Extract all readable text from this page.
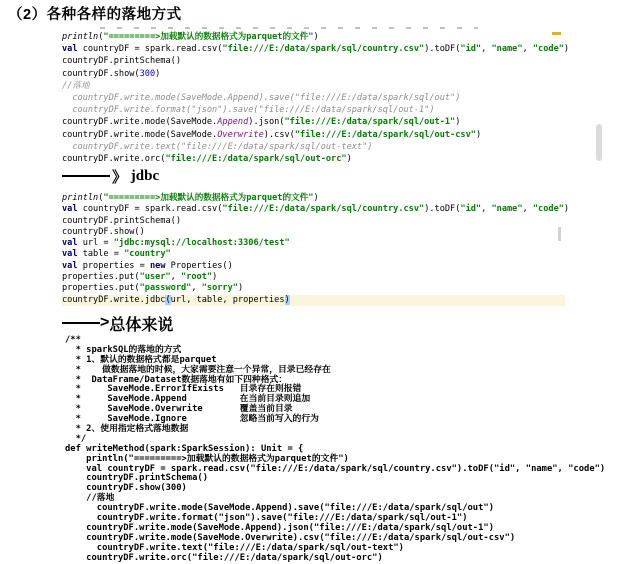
（2）各种各样的落地方式
println("=========>加载默认的数据格式为parquet的文件")
val countryDF = spark.read.csv("file:///E:/data/spark/sql/country.csv").toDF("id", "name", "code")
countryDF.printSchema()
countryDF.show(300)
//落地
countryDF.write.mode(SaveMode.Append).save("file:///E:/data/spark/sql/out")
countryDF.write.format("json").save("file:///E:/data/spark/sql/out-1")
countryDF.write.mode(SaveMode.Append).json("file:///E:/data/spark/sql/out-1")
countryDF.write.mode(SaveMode.Overwrite).csv("file:///E:/data/spark/sql/out-csv")
countryDF.write.text("file:///E:/data/spark/sql/out-text")
countryDF.write.orc("file:///E:/data/spark/sql/out-orc")
》
jdbc
println("=========>加载默认的数据格式为parquet的文件")
val countryDF = spark.read.csv("file:///E:/data/spark/sql/country.csv").toDF("id", "name", "code")
countryDF.printSchema()
countryDF.show()
val url = "jdbc:mysql://localhost:3306/test"
val table = "country"
val properties = new Properties()
properties.put("user", "root")
properties.put("password", "sorry")
countryDF.write.jdbc(url, table, properties)
> 总体来说
/**
* sparkSQL的落地的方式
* 1、默认的数据格式都是parquet
*    做数据落地的时候，大家需要注意一个异常，目录已经存在
*  DataFrame/Dataset数据落地有如下四种格式：
*     SaveMode.ErrorIfExists   目录存在则报错
*     SaveMode.Append          在当前目录则追加
*     SaveMode.Overwrite       覆盖当前目录
*     SaveMode.Ignore          忽略当前写入的行为
* 2、使用指定格式落地数据
*/
def writeMethod(spark:SparkSession): Unit = {
println("=========>加载默认的数据格式为parquet的文件")
val countryDF = spark.read.csv("file:///E:/data/spark/sql/country.csv").toDF("id", "name", "code")
countryDF.printSchema()
countryDF.show(300)
//落地
countryDF.write.mode(SaveMode.Append).save("file:///E:/data/spark/sql/out")
countryDF.write.format("json").save("file:///E:/data/spark/sql/out-1")
countryDF.write.mode(SaveMode.Append).json("file:///E:/data/spark/sql/out-1")
countryDF.write.mode(SaveMode.Overwrite).csv("file:///E:/data/spark/sql/out-csv")
countryDF.write.text("file:///E:/data/spark/sql/out-text")
countryDF.write.orc("file:///E:/data/spark/sql/out-orc")
